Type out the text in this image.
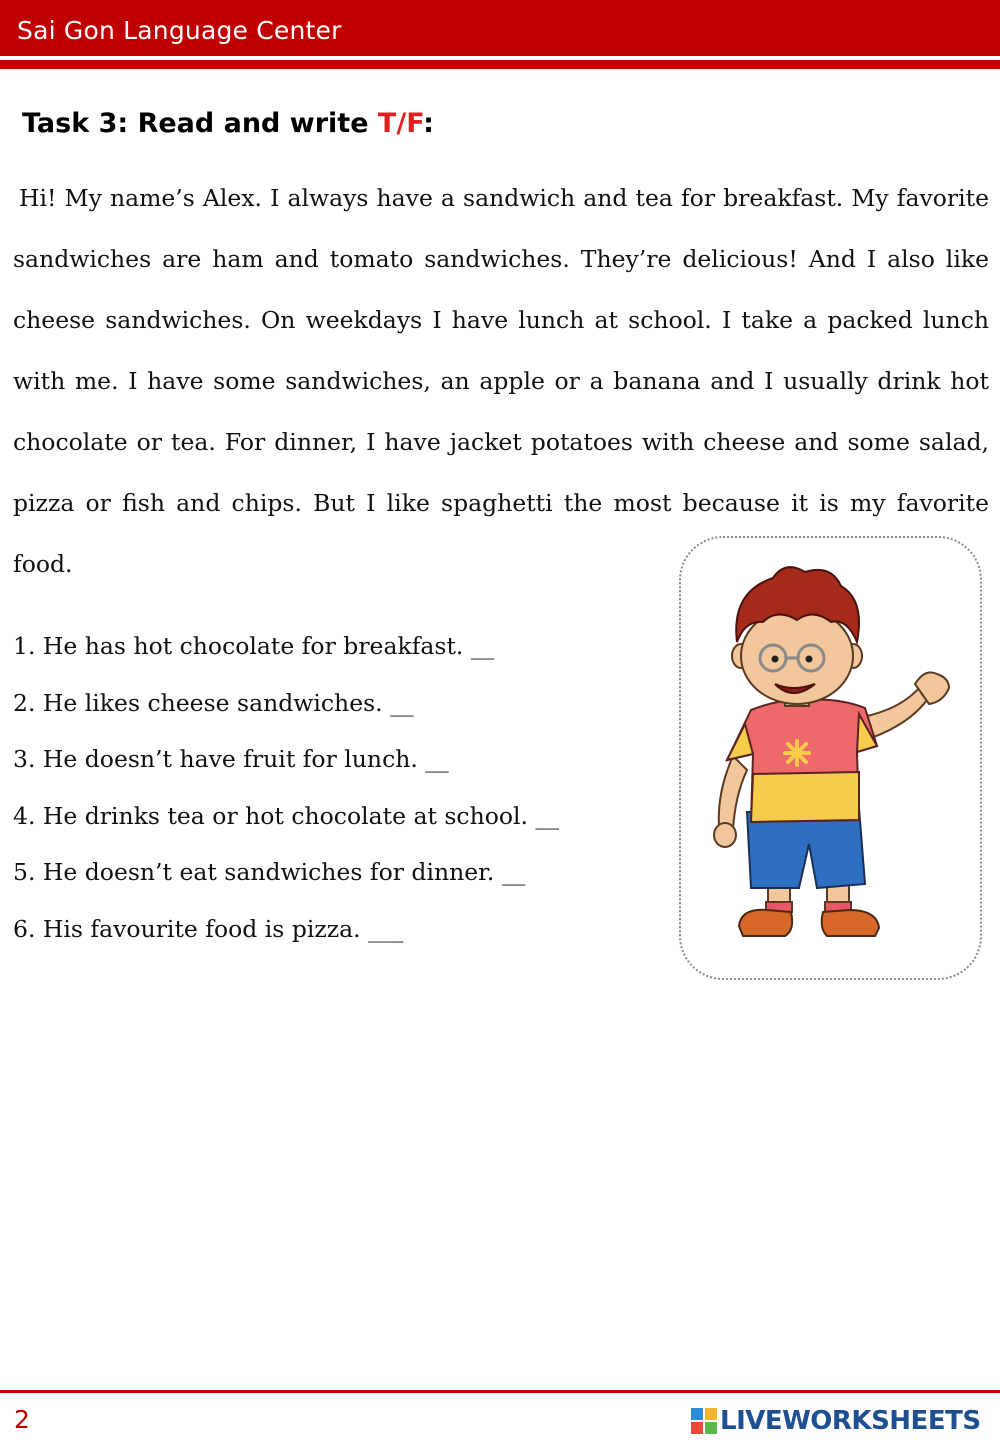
Sai Gon Language Center
Task 3: Read and write T/F:

Hi! My name’s Alex. I always have a sandwich and tea for breakfast. My favorite sandwiches are ham and tomato sandwiches. They’re delicious! And I also like cheese sandwiches. On weekdays I have lunch at school. I take a packed lunch with me. I have some sandwiches, an apple or a banana and I usually drink hot chocolate or tea. For dinner, I have jacket potatoes with cheese and some salad, pizza or fish and chips. But I like spaghetti the most because it is my favorite food.

1. He has hot chocolate for breakfast. __
2. He likes cheese sandwiches. __
3. He doesn’t have fruit for lunch. __
4. He drinks tea or hot chocolate at school. __
5. He doesn’t eat sandwiches for dinner. __
6. His favourite food is pizza. ___
2	LIVEWORKSHEETS
